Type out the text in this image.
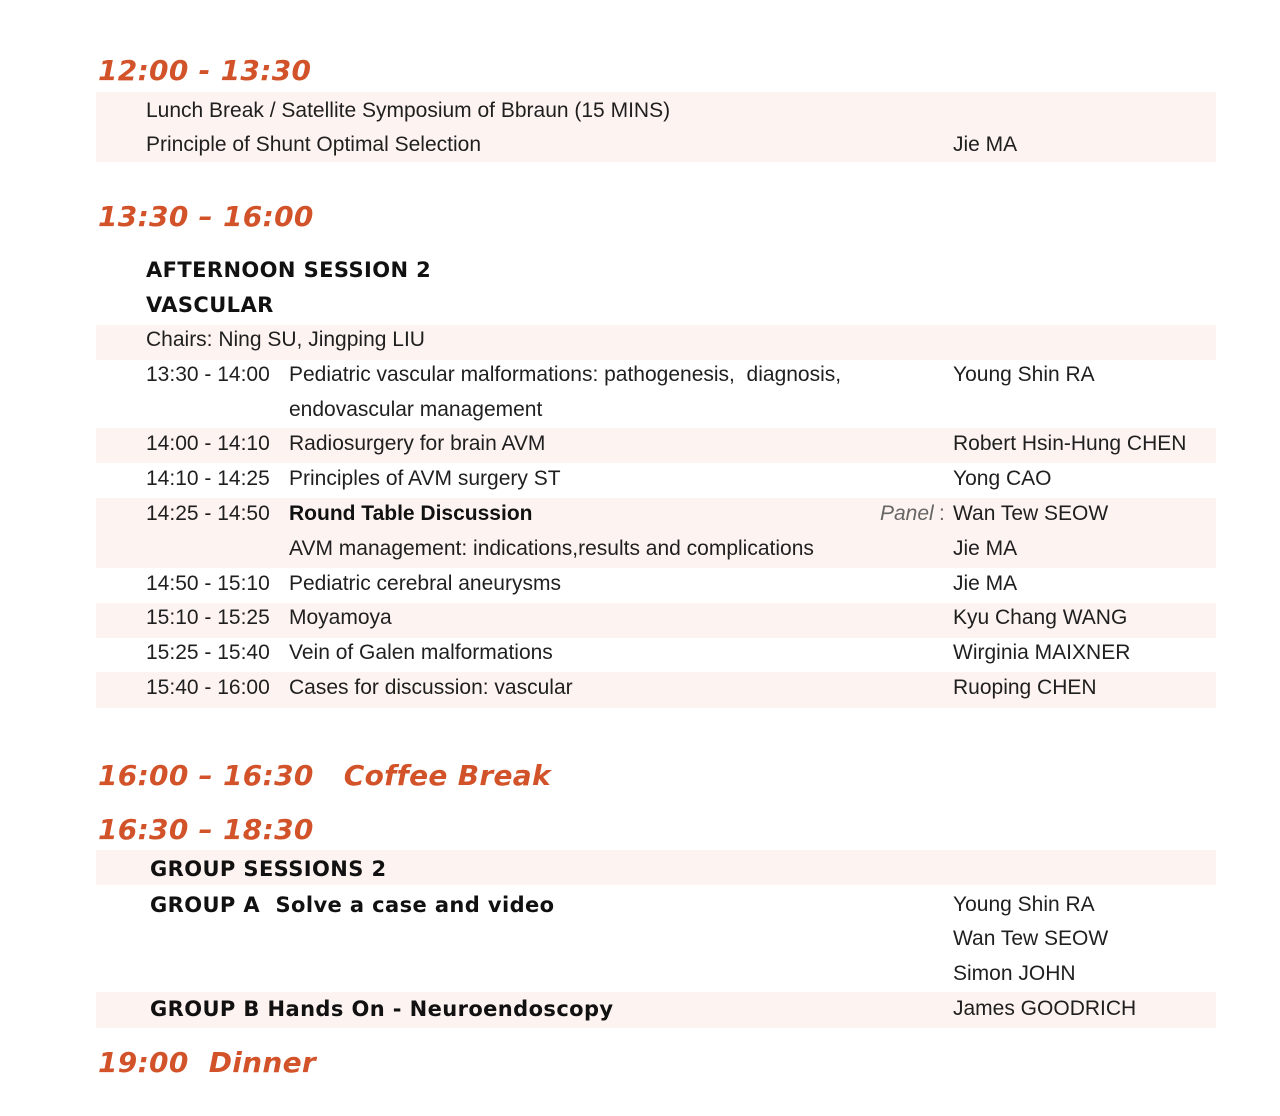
12:00 - 13:30
Lunch Break / Satellite Symposium of Bbraun (15 MINS)
Principle of Shunt Optimal Selection	Jie MA
13:30 – 16:00
AFTERNOON SESSION 2
VASCULAR
Chairs: Ning SU, Jingping LIU
13:30 - 14:00 Pediatric vascular malformations: pathogenesis,  diagnosis,	Young Shin RA
endovascular management
14:00 - 14:10 Radiosurgery for brain AVM	Robert Hsin-Hung CHEN
14:10 - 14:25 Principles of AVM surgery ST	Yong CAO
14:25 - 14:50 Round Table Discussion	Panel : Wan Tew SEOW
AVM management: indications,results and complications	Jie MA
14:50 - 15:10 Pediatric cerebral aneurysms	Jie MA
15:10 - 15:25 Moyamoya	Kyu Chang WANG
15:25 - 15:40 Vein of Galen malformations	Wirginia MAIXNER
15:40 - 16:00 Cases for discussion: vascular	Ruoping CHEN
16:00 – 16:30   Coffee Break
16:30 – 18:30
GROUP SESSIONS 2
GROUP A  Solve a case and video	Young Shin RA
Wan Tew SEOW
Simon JOHN
GROUP B Hands On - Neuroendoscopy	James GOODRICH
19:00  Dinner
